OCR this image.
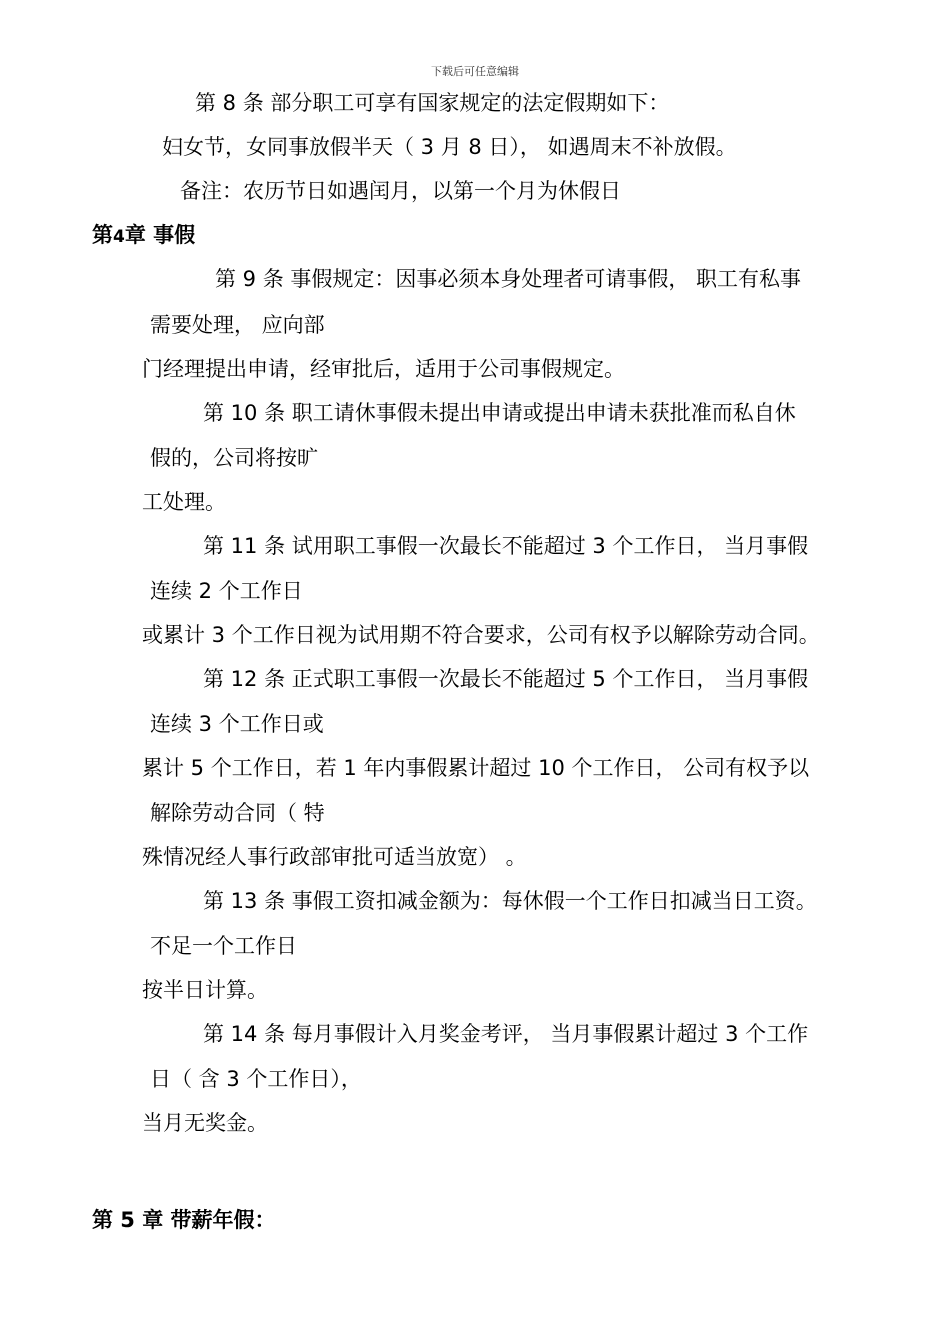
下载后可任意编辑
第 8 条 部分职工可享有国家规定的法定假期如下：
妇女节，女同事放假半天（ 3 月 8 日）， 如遇周末不补放假。
备注：农历节日如遇闰月，以第一个月为休假日
第4章 事假
第 9 条 事假规定：因事必须本身处理者可请事假， 职工有私事
需要处理， 应向部
门经理提出申请，经审批后，适用于公司事假规定。
第 10 条 职工请休事假未提出申请或提出申请未获批准而私自休
假的，公司将按旷
工处理。
第 11 条 试用职工事假一次最长不能超过 3 个工作日， 当月事假
连续 2 个工作日
或累计 3 个工作日视为试用期不符合要求，公司有权予以解除劳动合同。
第 12 条 正式职工事假一次最长不能超过 5 个工作日， 当月事假
连续 3 个工作日或
累计 5 个工作日，若 1 年内事假累计超过 10 个工作日， 公司有权予以
解除劳动合同（ 特
殊情况经人事行政部审批可适当放宽） 。
第 13 条 事假工资扣减金额为：每休假一个工作日扣减当日工资。
不足一个工作日
按半日计算。
第 14 条 每月事假计入月奖金考评， 当月事假累计超过 3 个工作
日（ 含 3 个工作日），
当月无奖金。
第 5 章 带薪年假：
